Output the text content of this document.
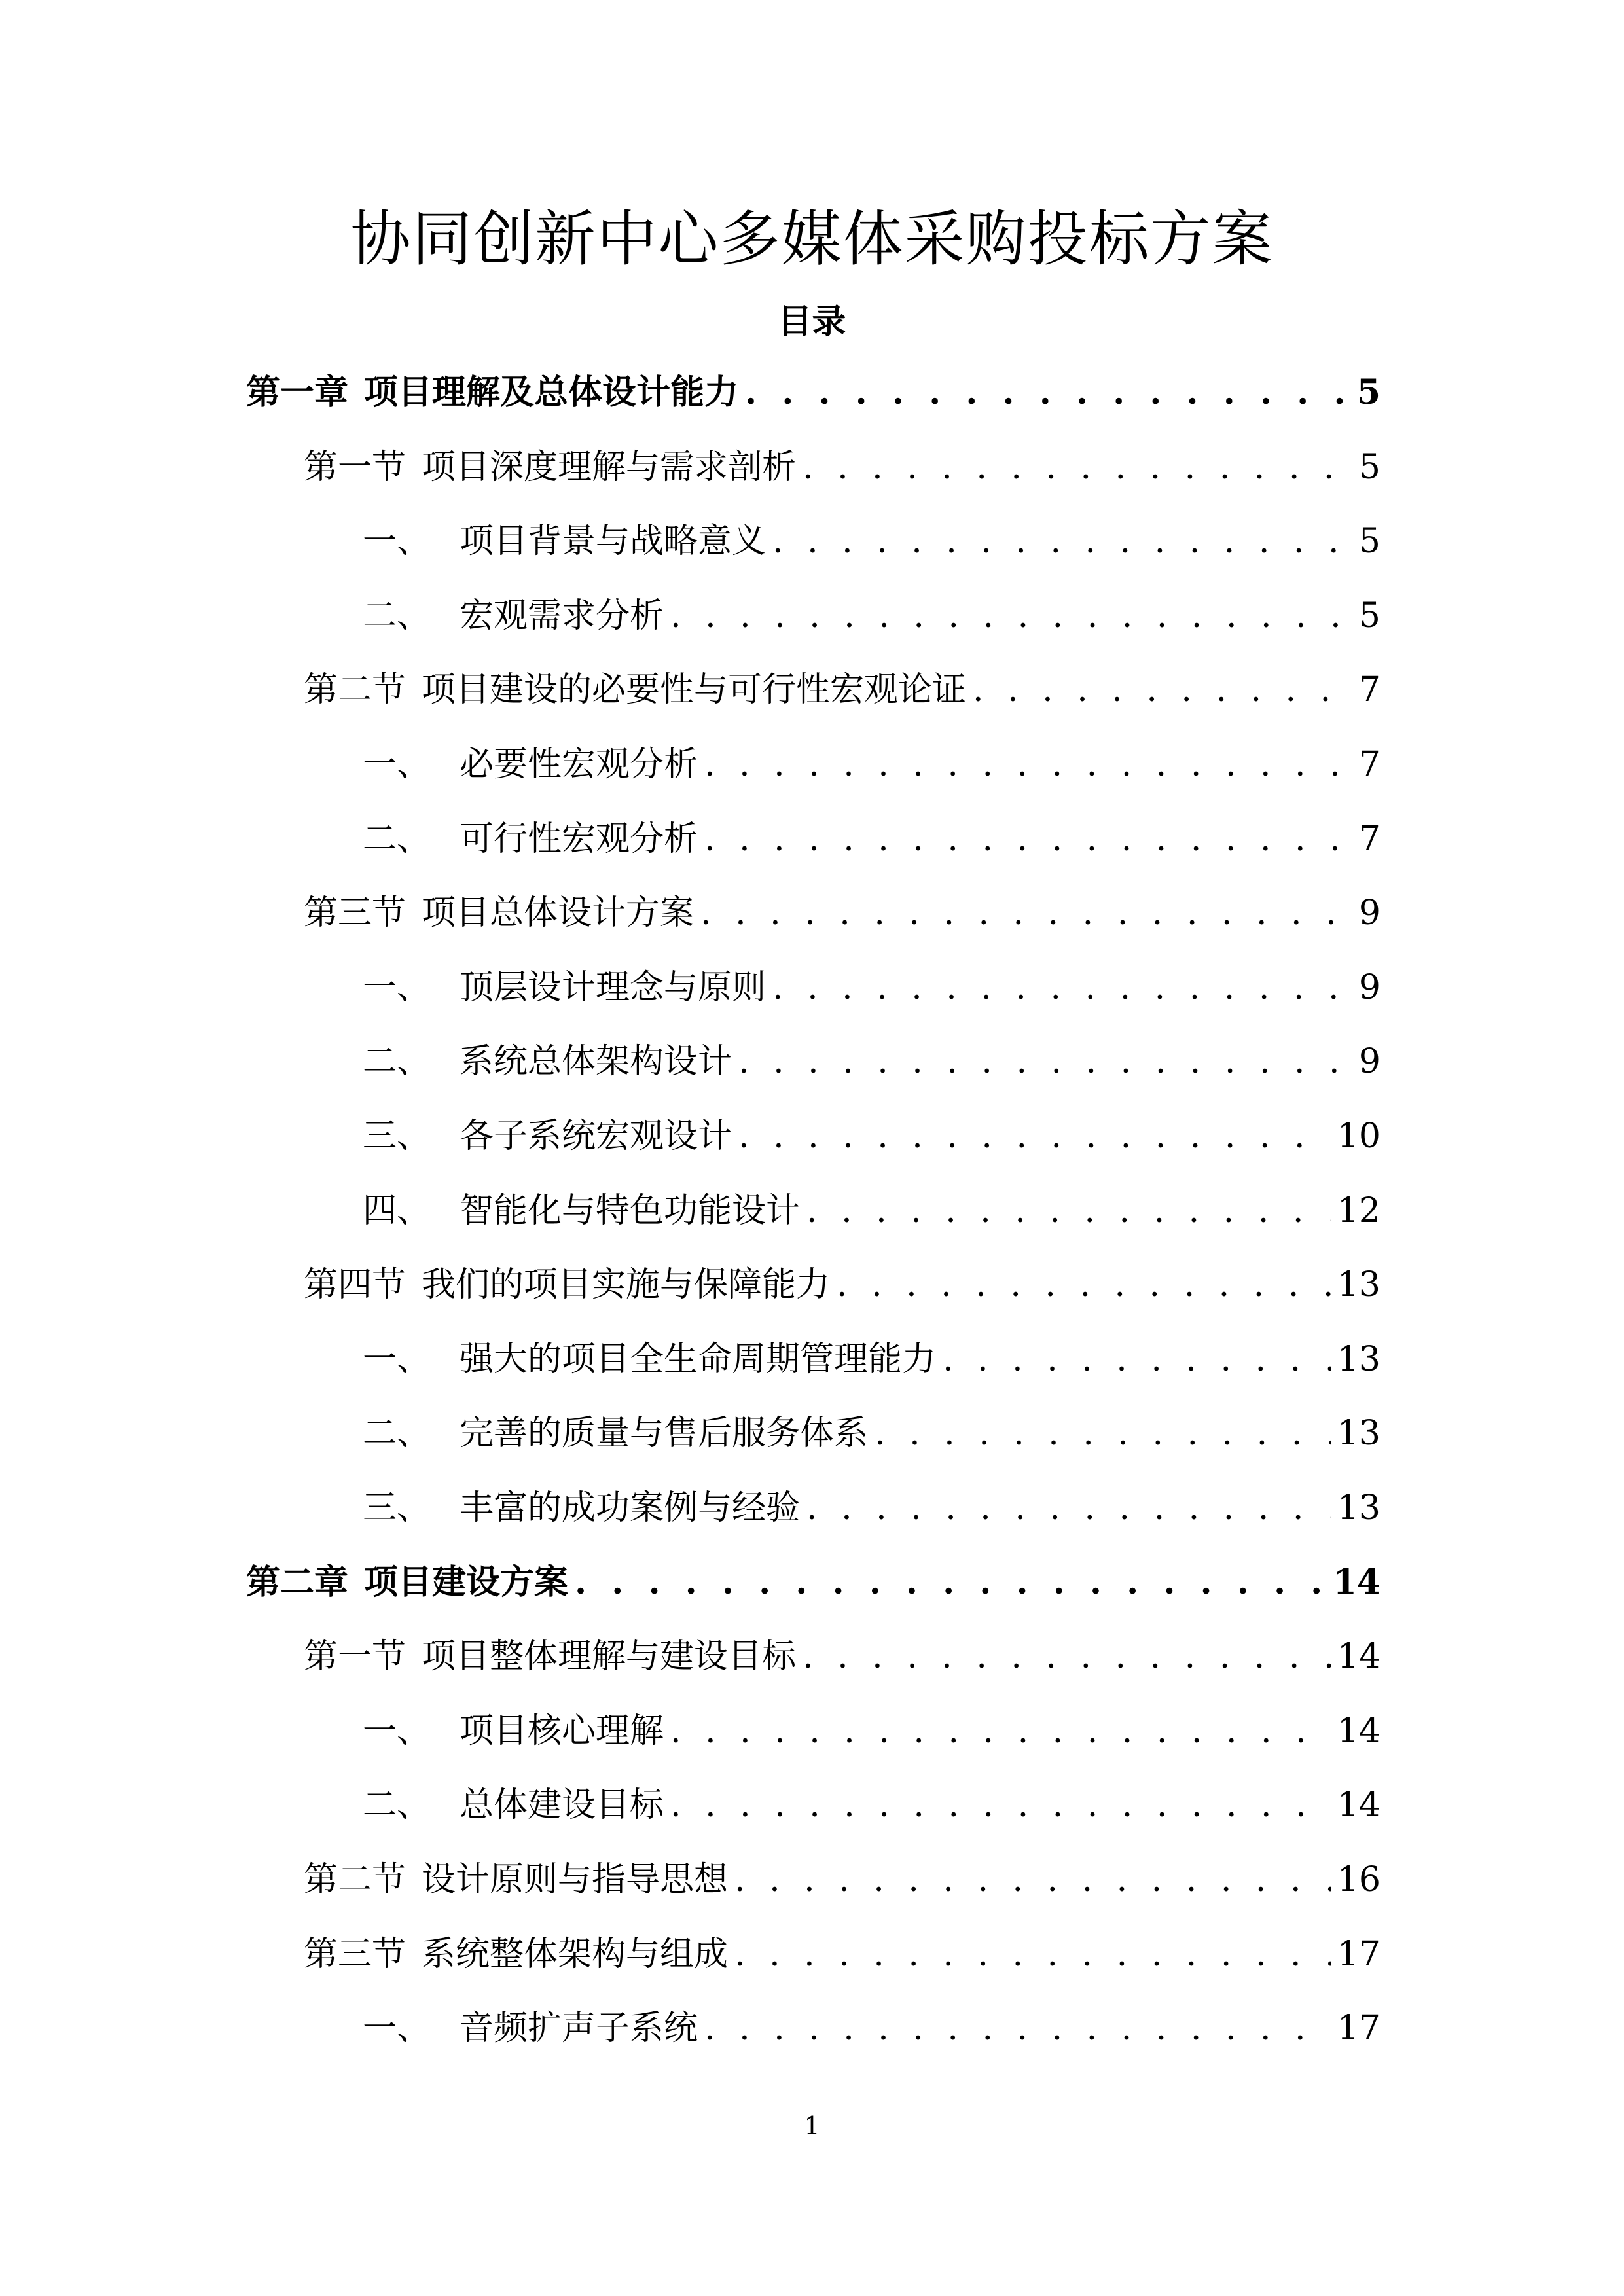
协同创新中心多媒体采购投标方案
目录
第一章 项目理解及总体设计能力 . . .	5
第一节 项目深度理解与需求剖析 . . .	5
一、 项目背景与战略意义 . . .	5
二、 宏观需求分析 . . .	5
第二节 项目建设的必要性与可行性宏观论证 . . .	7
一、 必要性宏观分析 . . .	7
二、 可行性宏观分析 . . .	7
第三节 项目总体设计方案 . . .	9
一、 顶层设计理念与原则 . . .	9
二、 系统总体架构设计 . . .	9
三、 各子系统宏观设计 . . .	10
四、 智能化与特色功能设计 . . .	12
第四节 我们的项目实施与保障能力 . . .	13
一、 强大的项目全生命周期管理能力 . . .	13
二、 完善的质量与售后服务体系 . . .	13
三、 丰富的成功案例与经验 . . .	13
第二章 项目建设方案 . . .	14
第一节 项目整体理解与建设目标 . . .	14
一、 项目核心理解 . . .	14
二、 总体建设目标 . . .	14
第二节 设计原则与指导思想 . . .	16
第三节 系统整体架构与组成 . . .	17
一、 音频扩声子系统 . . .	17
1
